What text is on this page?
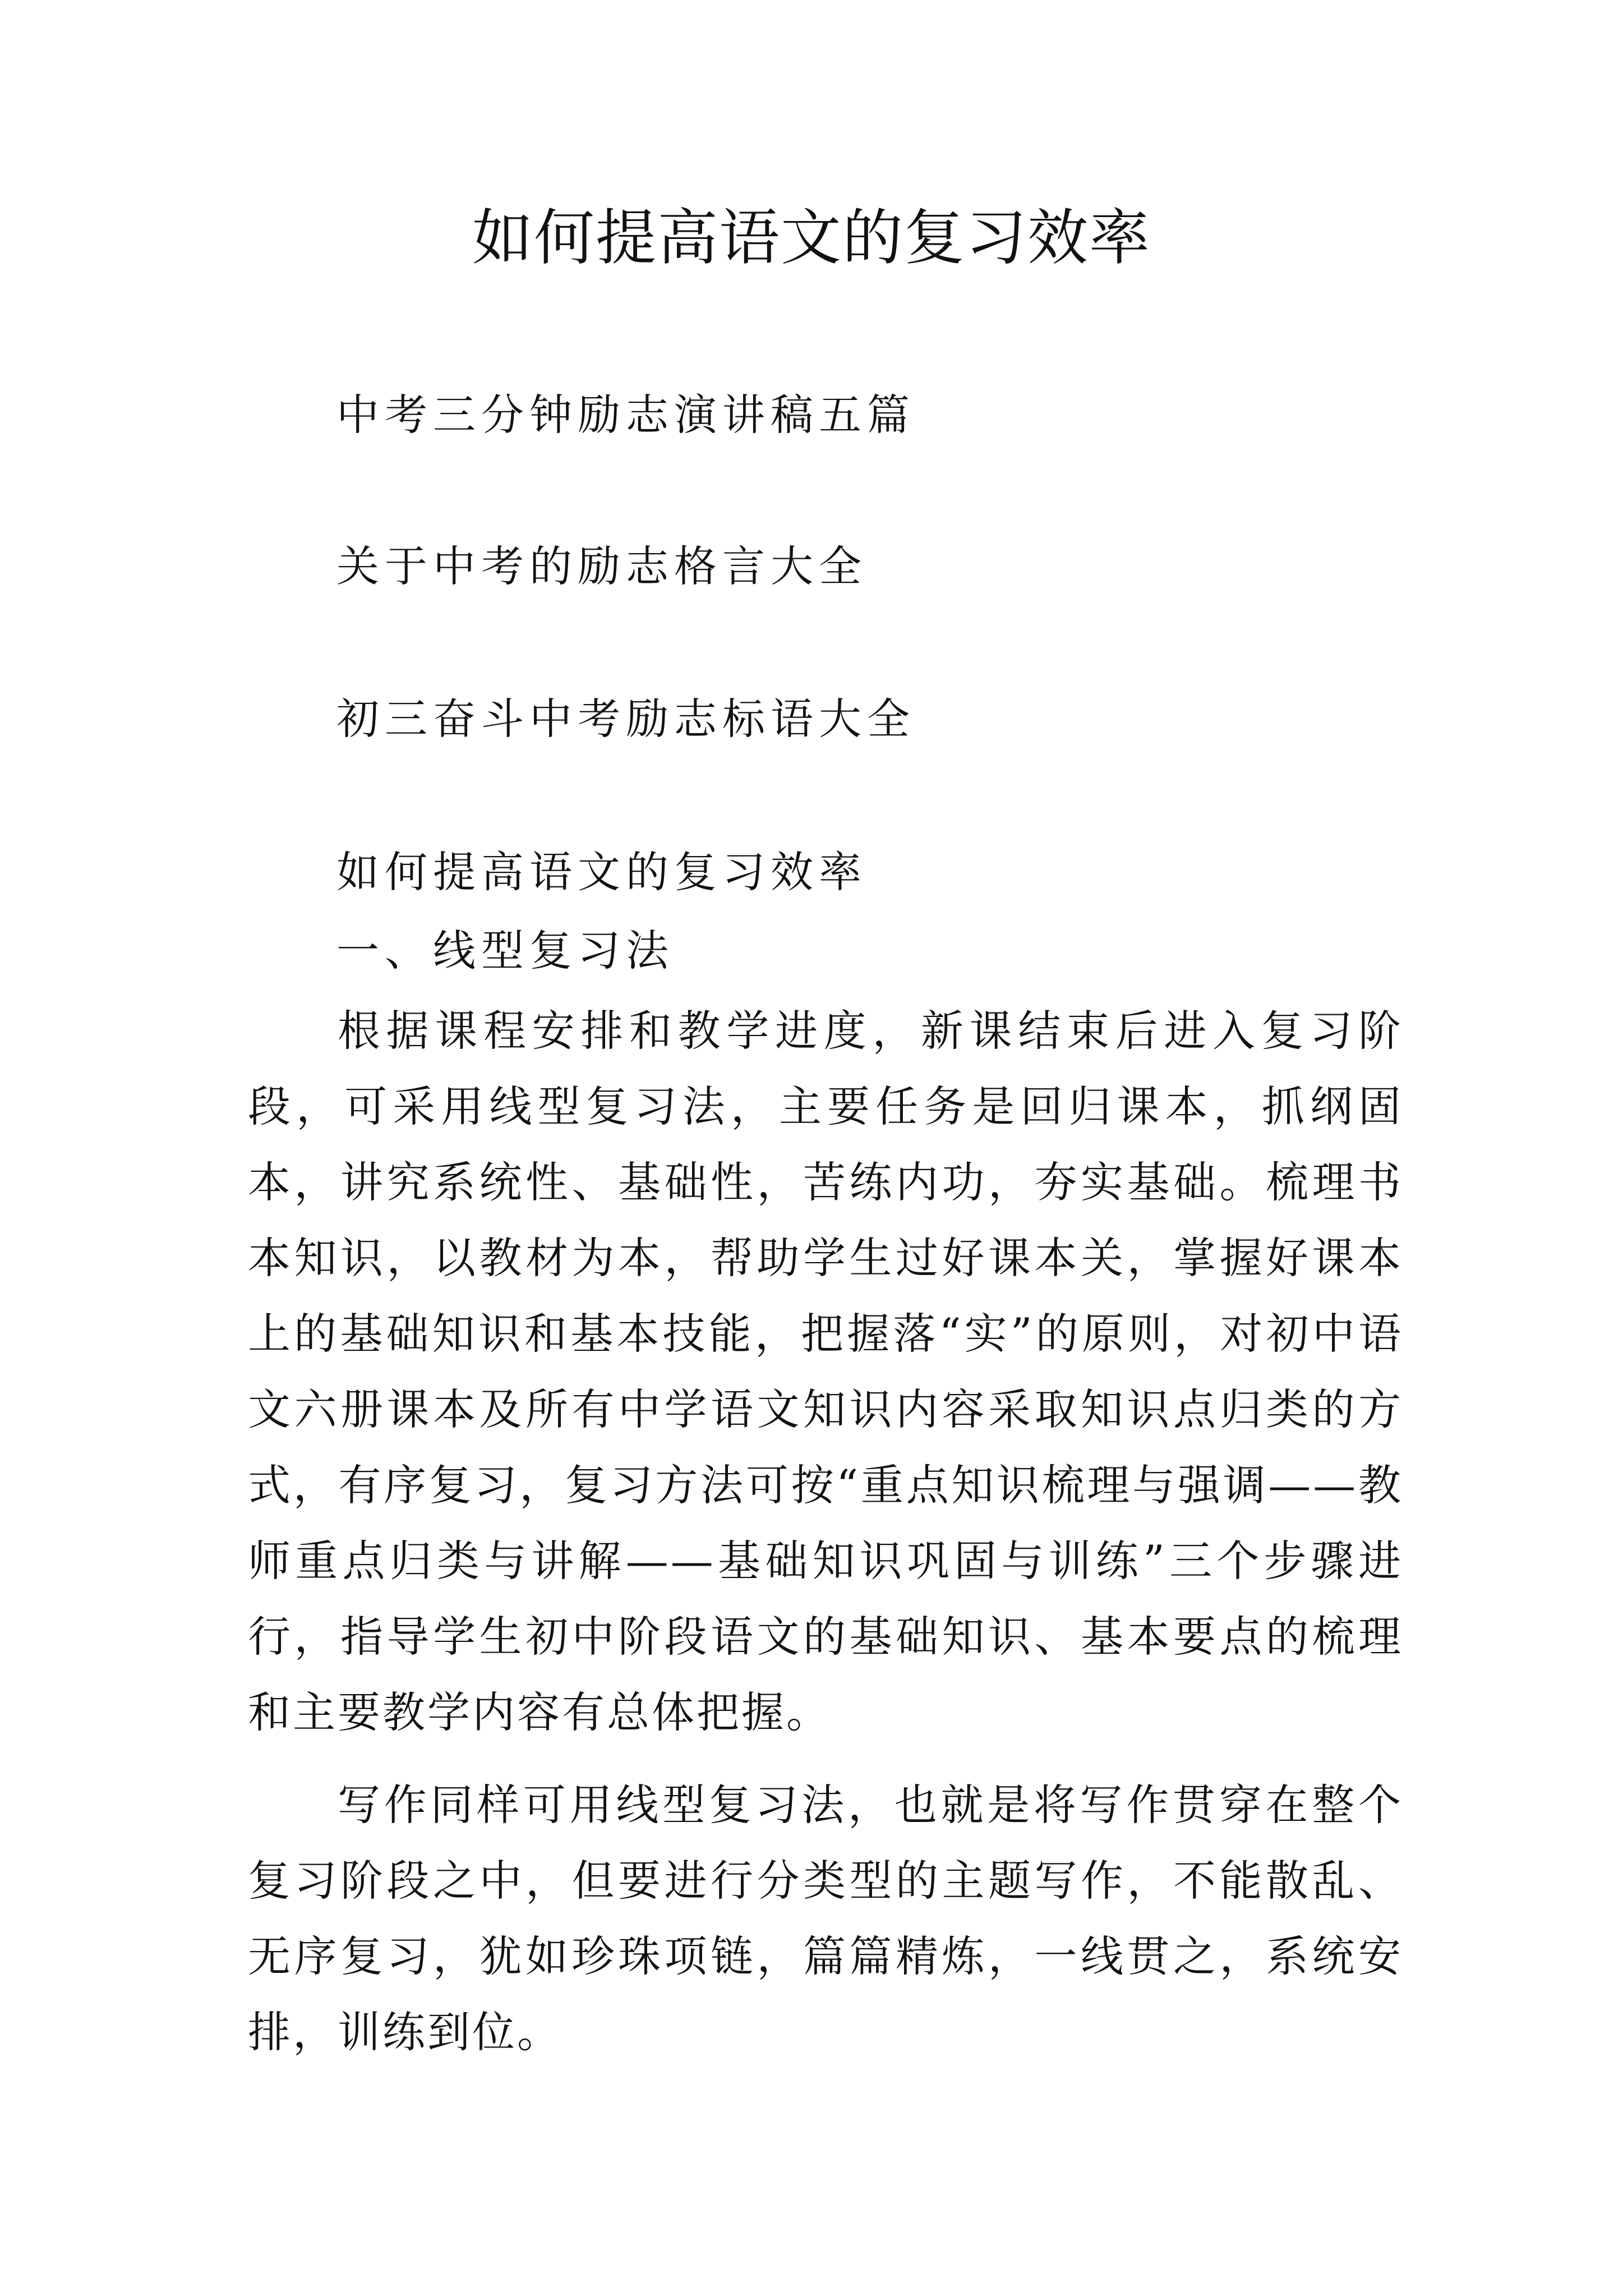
如何提高语文的复习效率
中考三分钟励志演讲稿五篇
关于中考的励志格言大全
初三奋斗中考励志标语大全
如何提高语文的复习效率
一、线型复习法

根据课程安排和教学进度，新课结束后进入复习阶段，可采用线型复习法，主要任务是回归课本，抓纲固本，讲究系统性、基础性，苦练内功，夯实基础。梳理书本知识，以教材为本，帮助学生过好课本关，掌握好课本上的基础知识和基本技能，把握落“实”的原则，对初中语文六册课本及所有中学语文知识内容采取知识点归类的方式，有序复习，复习方法可按“重点知识梳理与强调——教师重点归类与讲解——基础知识巩固与训练”三个步骤进行，指导学生初中阶段语文的基础知识、基本要点的梳理和主要教学内容有总体把握。

写作同样可用线型复习法，也就是将写作贯穿在整个复习阶段之中，但要进行分类型的主题写作，不能散乱、无序复习，犹如珍珠项链，篇篇精炼，一线贯之，系统安排，训练到位。
